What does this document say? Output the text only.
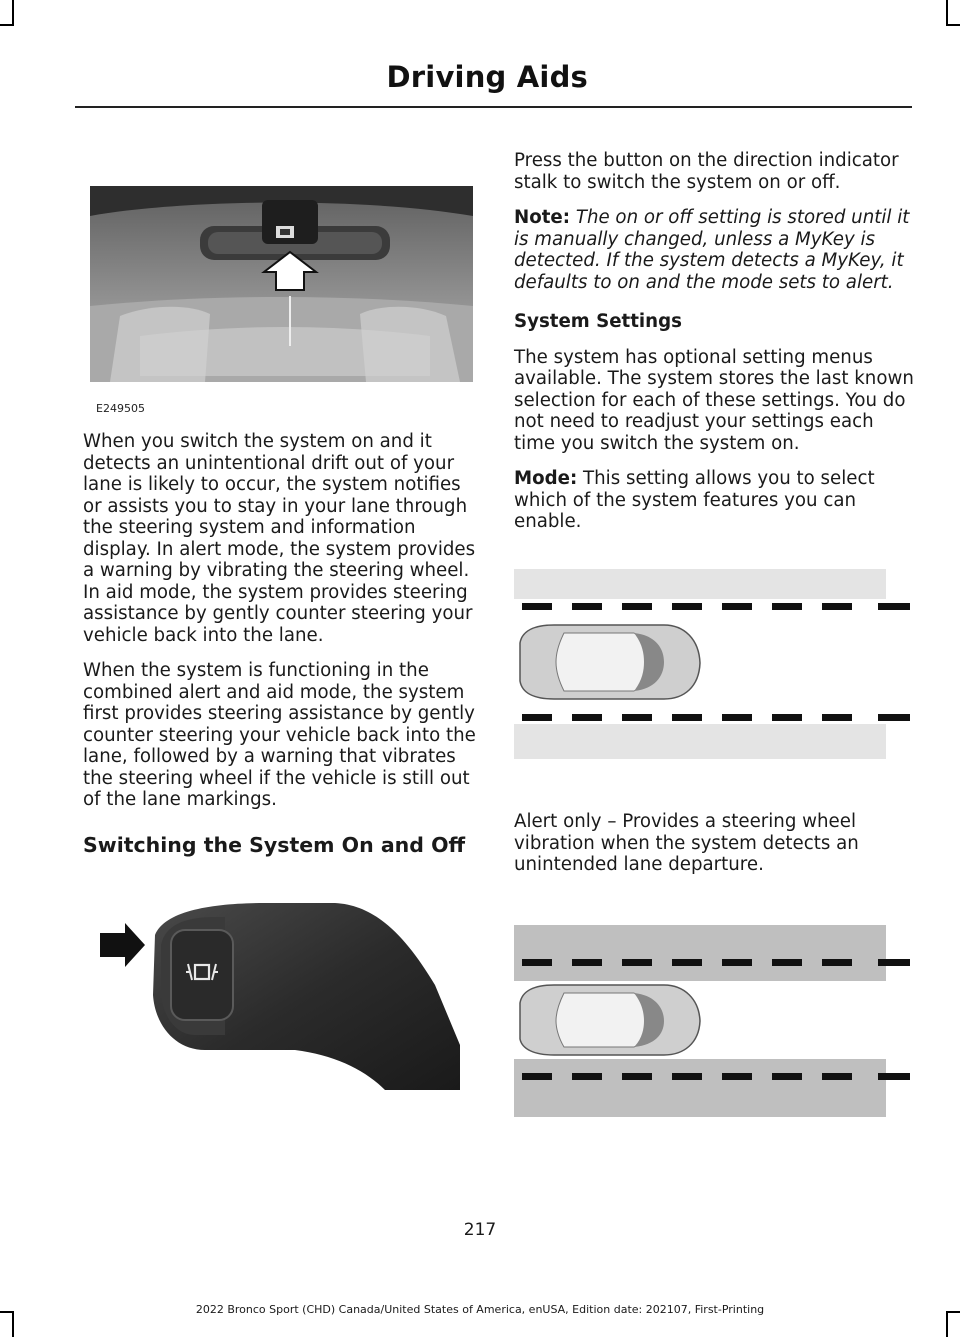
Driving Aids
E249505

When you switch the system on and it detects an unintentional drift out of your lane is likely to occur, the system notifies or assists you to stay in your lane through the steering system and information display. In alert mode, the system provides a warning by vibrating the steering wheel. In aid mode, the system provides steering assistance by gently counter steering your vehicle back into the lane.

When the system is functioning in the combined alert and aid mode, the system first provides steering assistance by gently counter steering your vehicle back into the lane, followed by a warning that vibrates the steering wheel if the vehicle is still out of the lane markings.

Switching the System On and Off

Press the button on the direction indicator stalk to switch the system on or off.

Note: The on or off setting is stored until it is manually changed, unless a MyKey is detected. If the system detects a MyKey, it defaults to on and the mode sets to alert.

System Settings

The system has optional setting menus available. The system stores the last known selection for each of these settings. You do not need to readjust your settings each time you switch the system on.

Mode: This setting allows you to select which of the system features you can enable.

Alert only – Provides a steering wheel vibration when the system detects an unintended lane departure.

217
2022 Bronco Sport (CHD) Canada/United States of America, enUSA, Edition date: 202107, First-Printing
